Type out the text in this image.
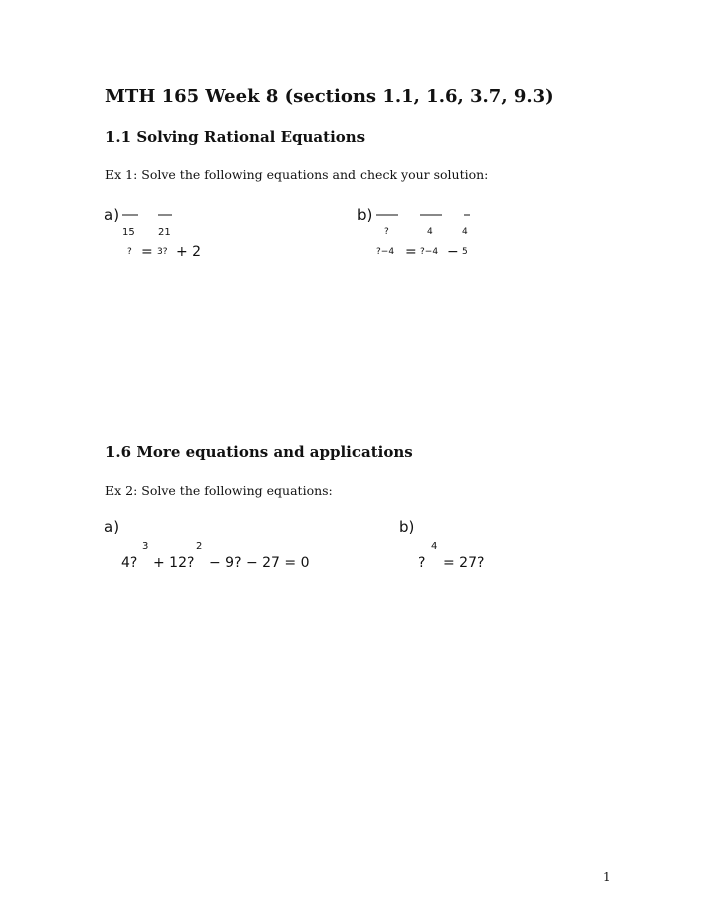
MTH 165 Week 8 (sections 1.1, 1.6, 3.7, 9.3)
1.1 Solving Rational Equations
Ex 1: Solve the following equations and check your solution:
a)
15 21
? = 3? + 2
b)
?	4	4
?−4 = ?−4 − 5
1.6 More equations and applications
Ex 2: Solve the following equations:
a)
3	2
4? + 12? − 9? − 27 = 0
b)
4
? = 27?
1
